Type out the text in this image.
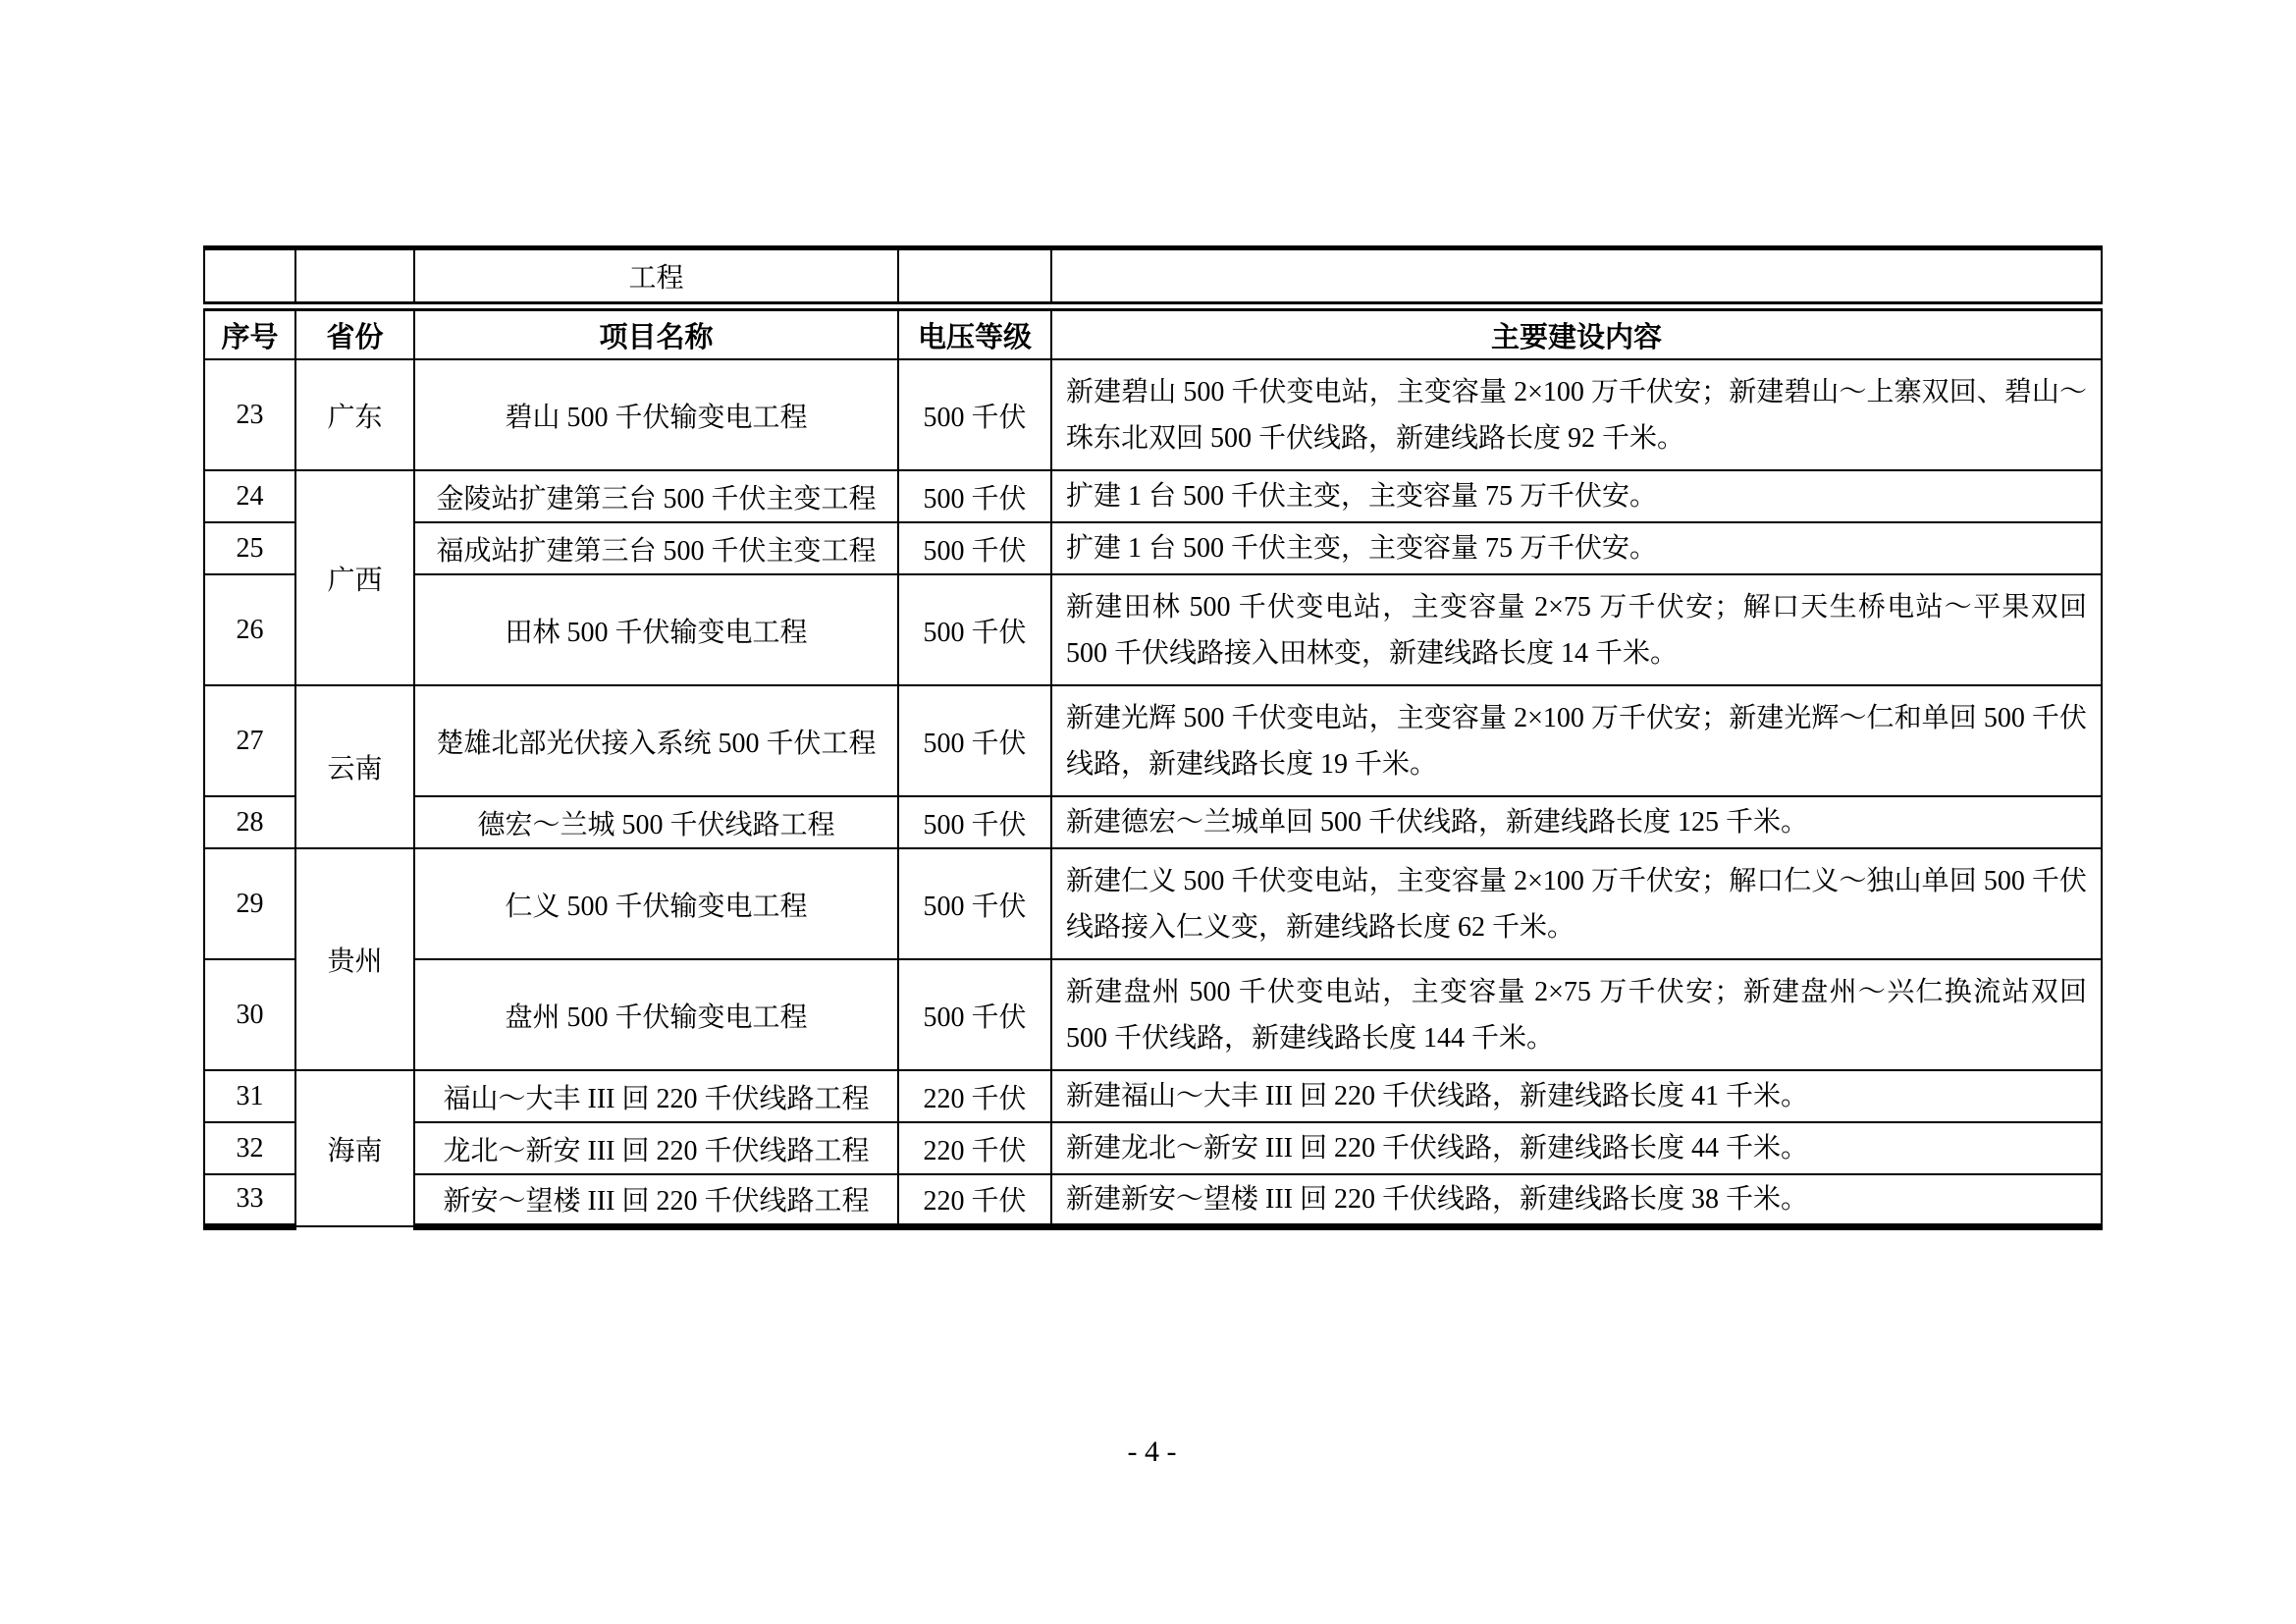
		工程		
序号	省份	项目名称	电压等级	主要建设内容
23	广东	碧山 500 千伏输变电工程	500 千伏	新建碧山 500 千伏变电站，主变容量 2×100 万千伏安；新建碧山～上寨双回、碧山～珠东北双回 500 千伏线路，新建线路长度 92 千米。
24	广西	金陵站扩建第三台 500 千伏主变工程	500 千伏	扩建 1 台 500 千伏主变，主变容量 75 万千伏安。
25		福成站扩建第三台 500 千伏主变工程	500 千伏	扩建 1 台 500 千伏主变，主变容量 75 万千伏安。
26		田林 500 千伏输变电工程	500 千伏	新建田林 500 千伏变电站，主变容量 2×75 万千伏安；解口天生桥电站～平果双回 500 千伏线路接入田林变，新建线路长度 14 千米。
27	云南	楚雄北部光伏接入系统 500 千伏工程	500 千伏	新建光辉 500 千伏变电站，主变容量 2×100 万千伏安；新建光辉～仁和单回 500 千伏线路，新建线路长度 19 千米。
28		德宏～兰城 500 千伏线路工程	500 千伏	新建德宏～兰城单回 500 千伏线路，新建线路长度 125 千米。
29	贵州	仁义 500 千伏输变电工程	500 千伏	新建仁义 500 千伏变电站，主变容量 2×100 万千伏安；解口仁义～独山单回 500 千伏线路接入仁义变，新建线路长度 62 千米。
30		盘州 500 千伏输变电工程	500 千伏	新建盘州 500 千伏变电站，主变容量 2×75 万千伏安；新建盘州～兴仁换流站双回 500 千伏线路，新建线路长度 144 千米。
31	海南	福山～大丰 III 回 220 千伏线路工程	220 千伏	新建福山～大丰 III 回 220 千伏线路，新建线路长度 41 千米。
32		龙北～新安 III 回 220 千伏线路工程	220 千伏	新建龙北～新安 III 回 220 千伏线路，新建线路长度 44 千米。
33		新安～望楼 III 回 220 千伏线路工程	220 千伏	新建新安～望楼 III 回 220 千伏线路，新建线路长度 38 千米。
- 4 -
